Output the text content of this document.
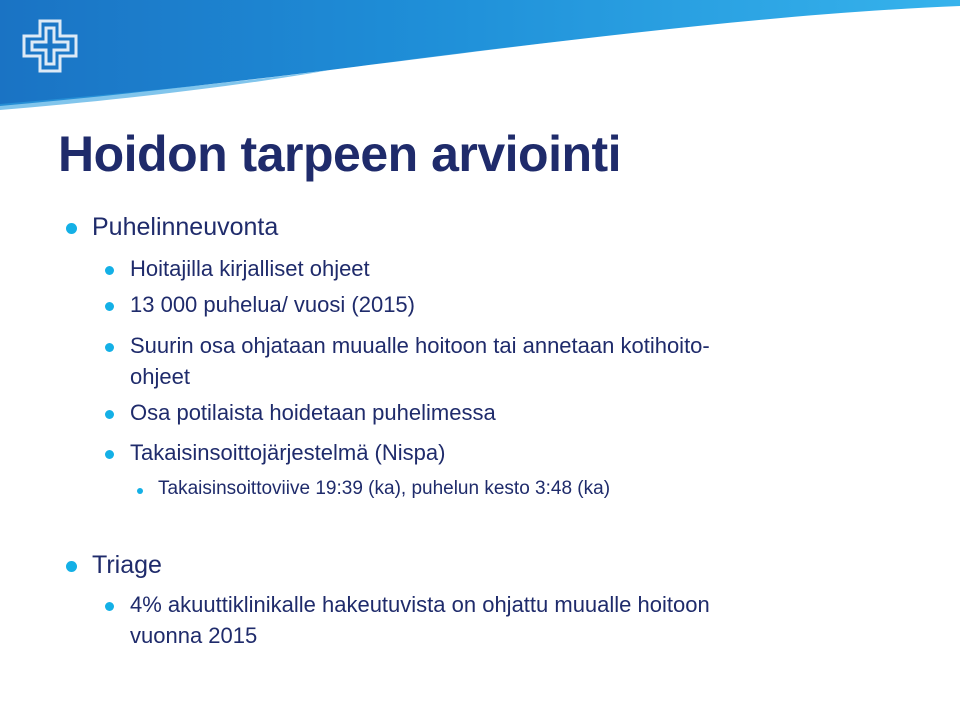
Hoidon tarpeen arviointi
Puhelinneuvonta
Hoitajilla kirjalliset ohjeet
13 000 puhelua/ vuosi (2015)
Suurin osa ohjataan muualle hoitoon tai annetaan kotihoito-
ohjeet
Osa potilaista hoidetaan puhelimessa
Takaisinsoittojärjestelmä (Nispa)
Takaisinsoittoviive 19:39 (ka), puhelun kesto 3:48 (ka)
Triage
4% akuuttiklinikalle hakeutuvista on ohjattu muualle hoitoon
vuonna 2015
